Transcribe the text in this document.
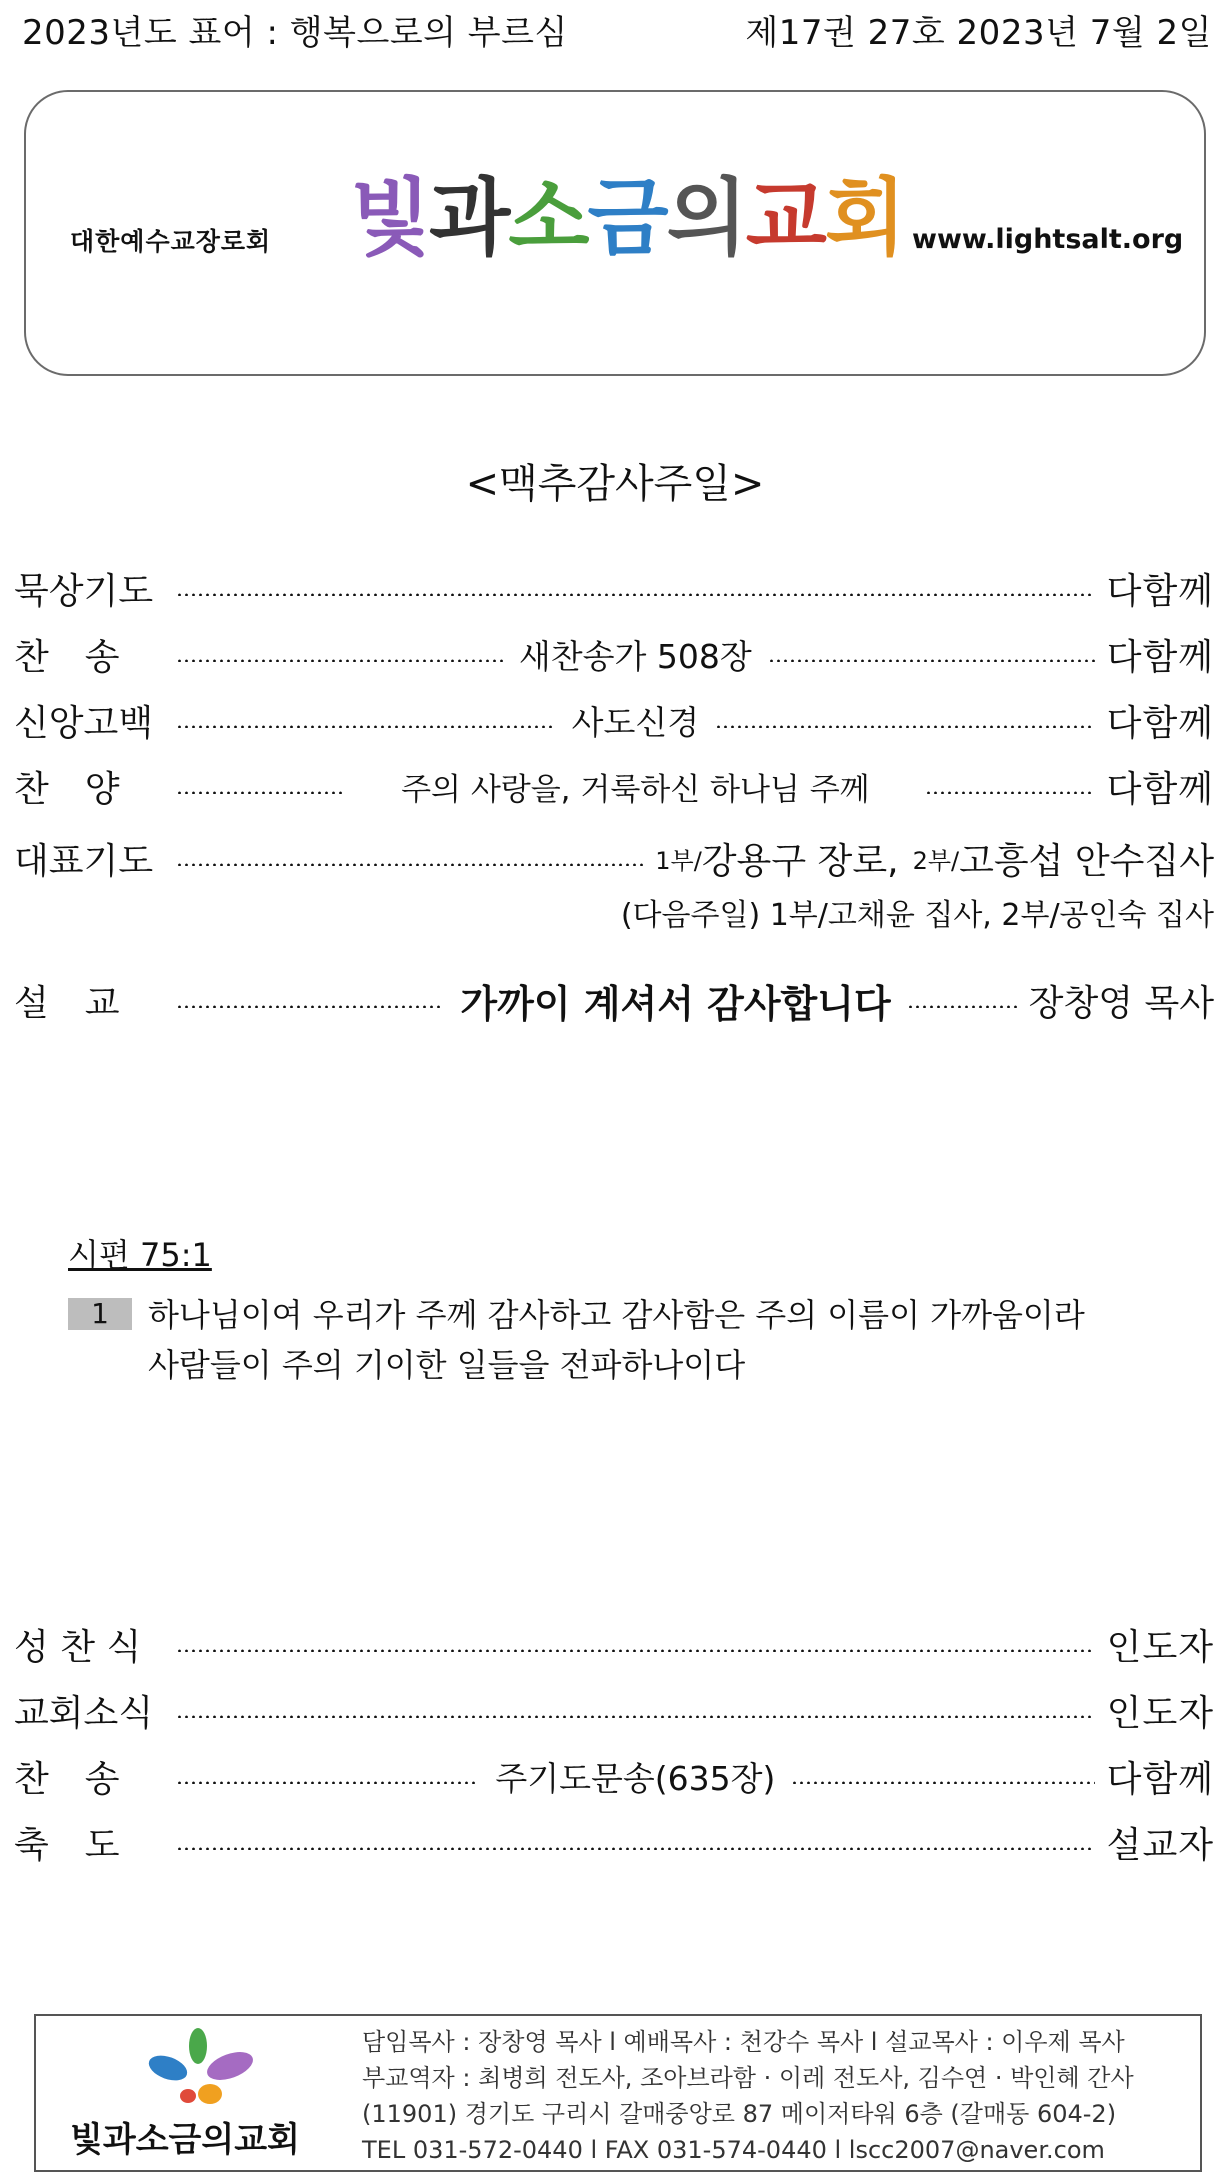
2023년도 표어 : 행복으로의 부르심	제17권 27호 2023년 7월 2일
대한예수교장로회 빛과소금의교회 www.lightsalt.org
<맥추감사주일>
묵상기도	다함께
찬　송	새찬송가 508장	다함께
신앙고백	사도신경	다함께
찬　양	주의 사랑을, 거룩하신 하나님 주께	다함께
대표기도	1부/ 강용구 장로, 2부/ 고흥섭 안수집사
(다음주일) 1부/고채윤 집사, 2부/공인숙 집사
설　교	가까이 계셔서 감사합니다	장창영 목사
시편 75:1
1	하나님이여 우리가 주께 감사하고 감사함은 주의 이름이 가까움이라
사람들이 주의 기이한 일들을 전파하나이다
성 찬 식	인도자
교회소식	인도자
찬　송	주기도문송(635장)	다함께
축　도	설교자
빛과소금의교회
담임목사 : 장창영 목사 l 예배목사 : 천강수 목사 l 설교목사 : 이우제 목사
부교역자 : 최병희 전도사, 조아브라함 · 이레 전도사, 김수연 · 박인혜 간사
(11901) 경기도 구리시 갈매중앙로 87 메이저타워 6층 (갈매동 604-2)
TEL 031-572-0440 l FAX 031-574-0440 l lscc2007@naver.com
